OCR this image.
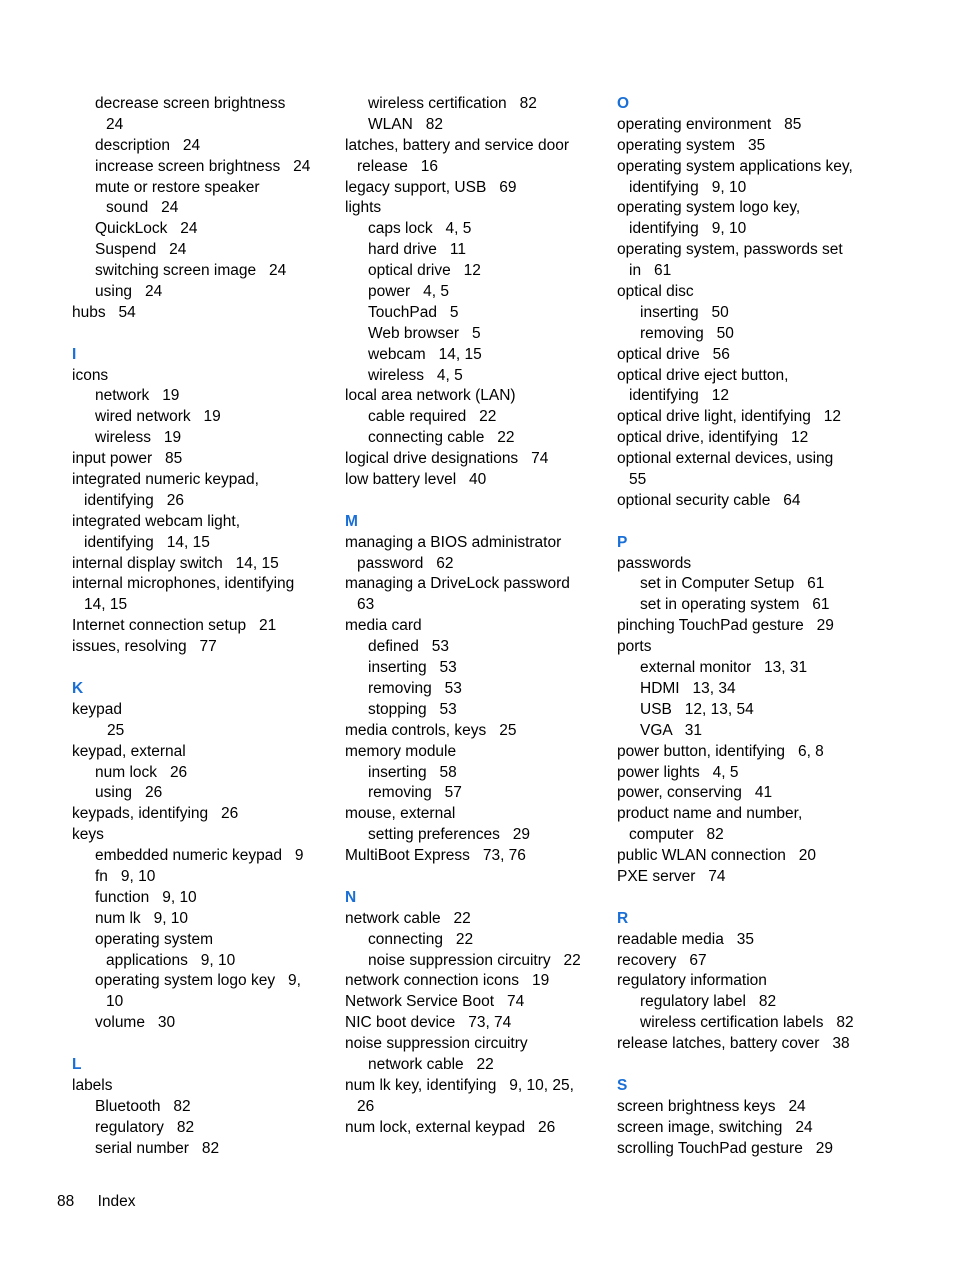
decrease screen brightness
24
description   24
increase screen brightness   24
mute or restore speaker
sound   24
QuickLock   24
Suspend   24
switching screen image   24
using   24
hubs   54
I
icons
network   19
wired network   19
wireless   19
input power   85
integrated numeric keypad,
identifying   26
integrated webcam light,
identifying   14, 15
internal display switch   14, 15
internal microphones, identifying
14, 15
Internet connection setup   21
issues, resolving   77
K
keypad
25
keypad, external
num lock   26
using   26
keypads, identifying   26
keys
embedded numeric keypad   9
fn   9, 10
function   9, 10
num lk   9, 10
operating system
applications   9, 10
operating system logo key   9,
10
volume   30
L
labels
Bluetooth   82
regulatory   82
serial number   82
wireless certification   82
WLAN   82
latches, battery and service door
release   16
legacy support, USB   69
lights
caps lock   4, 5
hard drive   11
optical drive   12
power   4, 5
TouchPad   5
Web browser   5
webcam   14, 15
wireless   4, 5
local area network (LAN)
cable required   22
connecting cable   22
logical drive designations   74
low battery level   40
M
managing a BIOS administrator
password   62
managing a DriveLock password
63
media card
defined   53
inserting   53
removing   53
stopping   53
media controls, keys   25
memory module
inserting   58
removing   57
mouse, external
setting preferences   29
MultiBoot Express   73, 76
N
network cable   22
connecting   22
noise suppression circuitry   22
network connection icons   19
Network Service Boot   74
NIC boot device   73, 74
noise suppression circuitry
network cable   22
num lk key, identifying   9, 10, 25,
26
num lock, external keypad   26
O
operating environment   85
operating system   35
operating system applications key,
identifying   9, 10
operating system logo key,
identifying   9, 10
operating system, passwords set
in   61
optical disc
inserting   50
removing   50
optical drive   56
optical drive eject button,
identifying   12
optical drive light, identifying   12
optical drive, identifying   12
optional external devices, using
55
optional security cable   64
P
passwords
set in Computer Setup   61
set in operating system   61
pinching TouchPad gesture   29
ports
external monitor   13, 31
HDMI   13, 34
USB   12, 13, 54
VGA   31
power button, identifying   6, 8
power lights   4, 5
power, conserving   41
product name and number,
computer   82
public WLAN connection   20
PXE server   74
R
readable media   35
recovery   67
regulatory information
regulatory label   82
wireless certification labels   82
release latches, battery cover   38
S
screen brightness keys   24
screen image, switching   24
scrolling TouchPad gesture   29
88 Index
